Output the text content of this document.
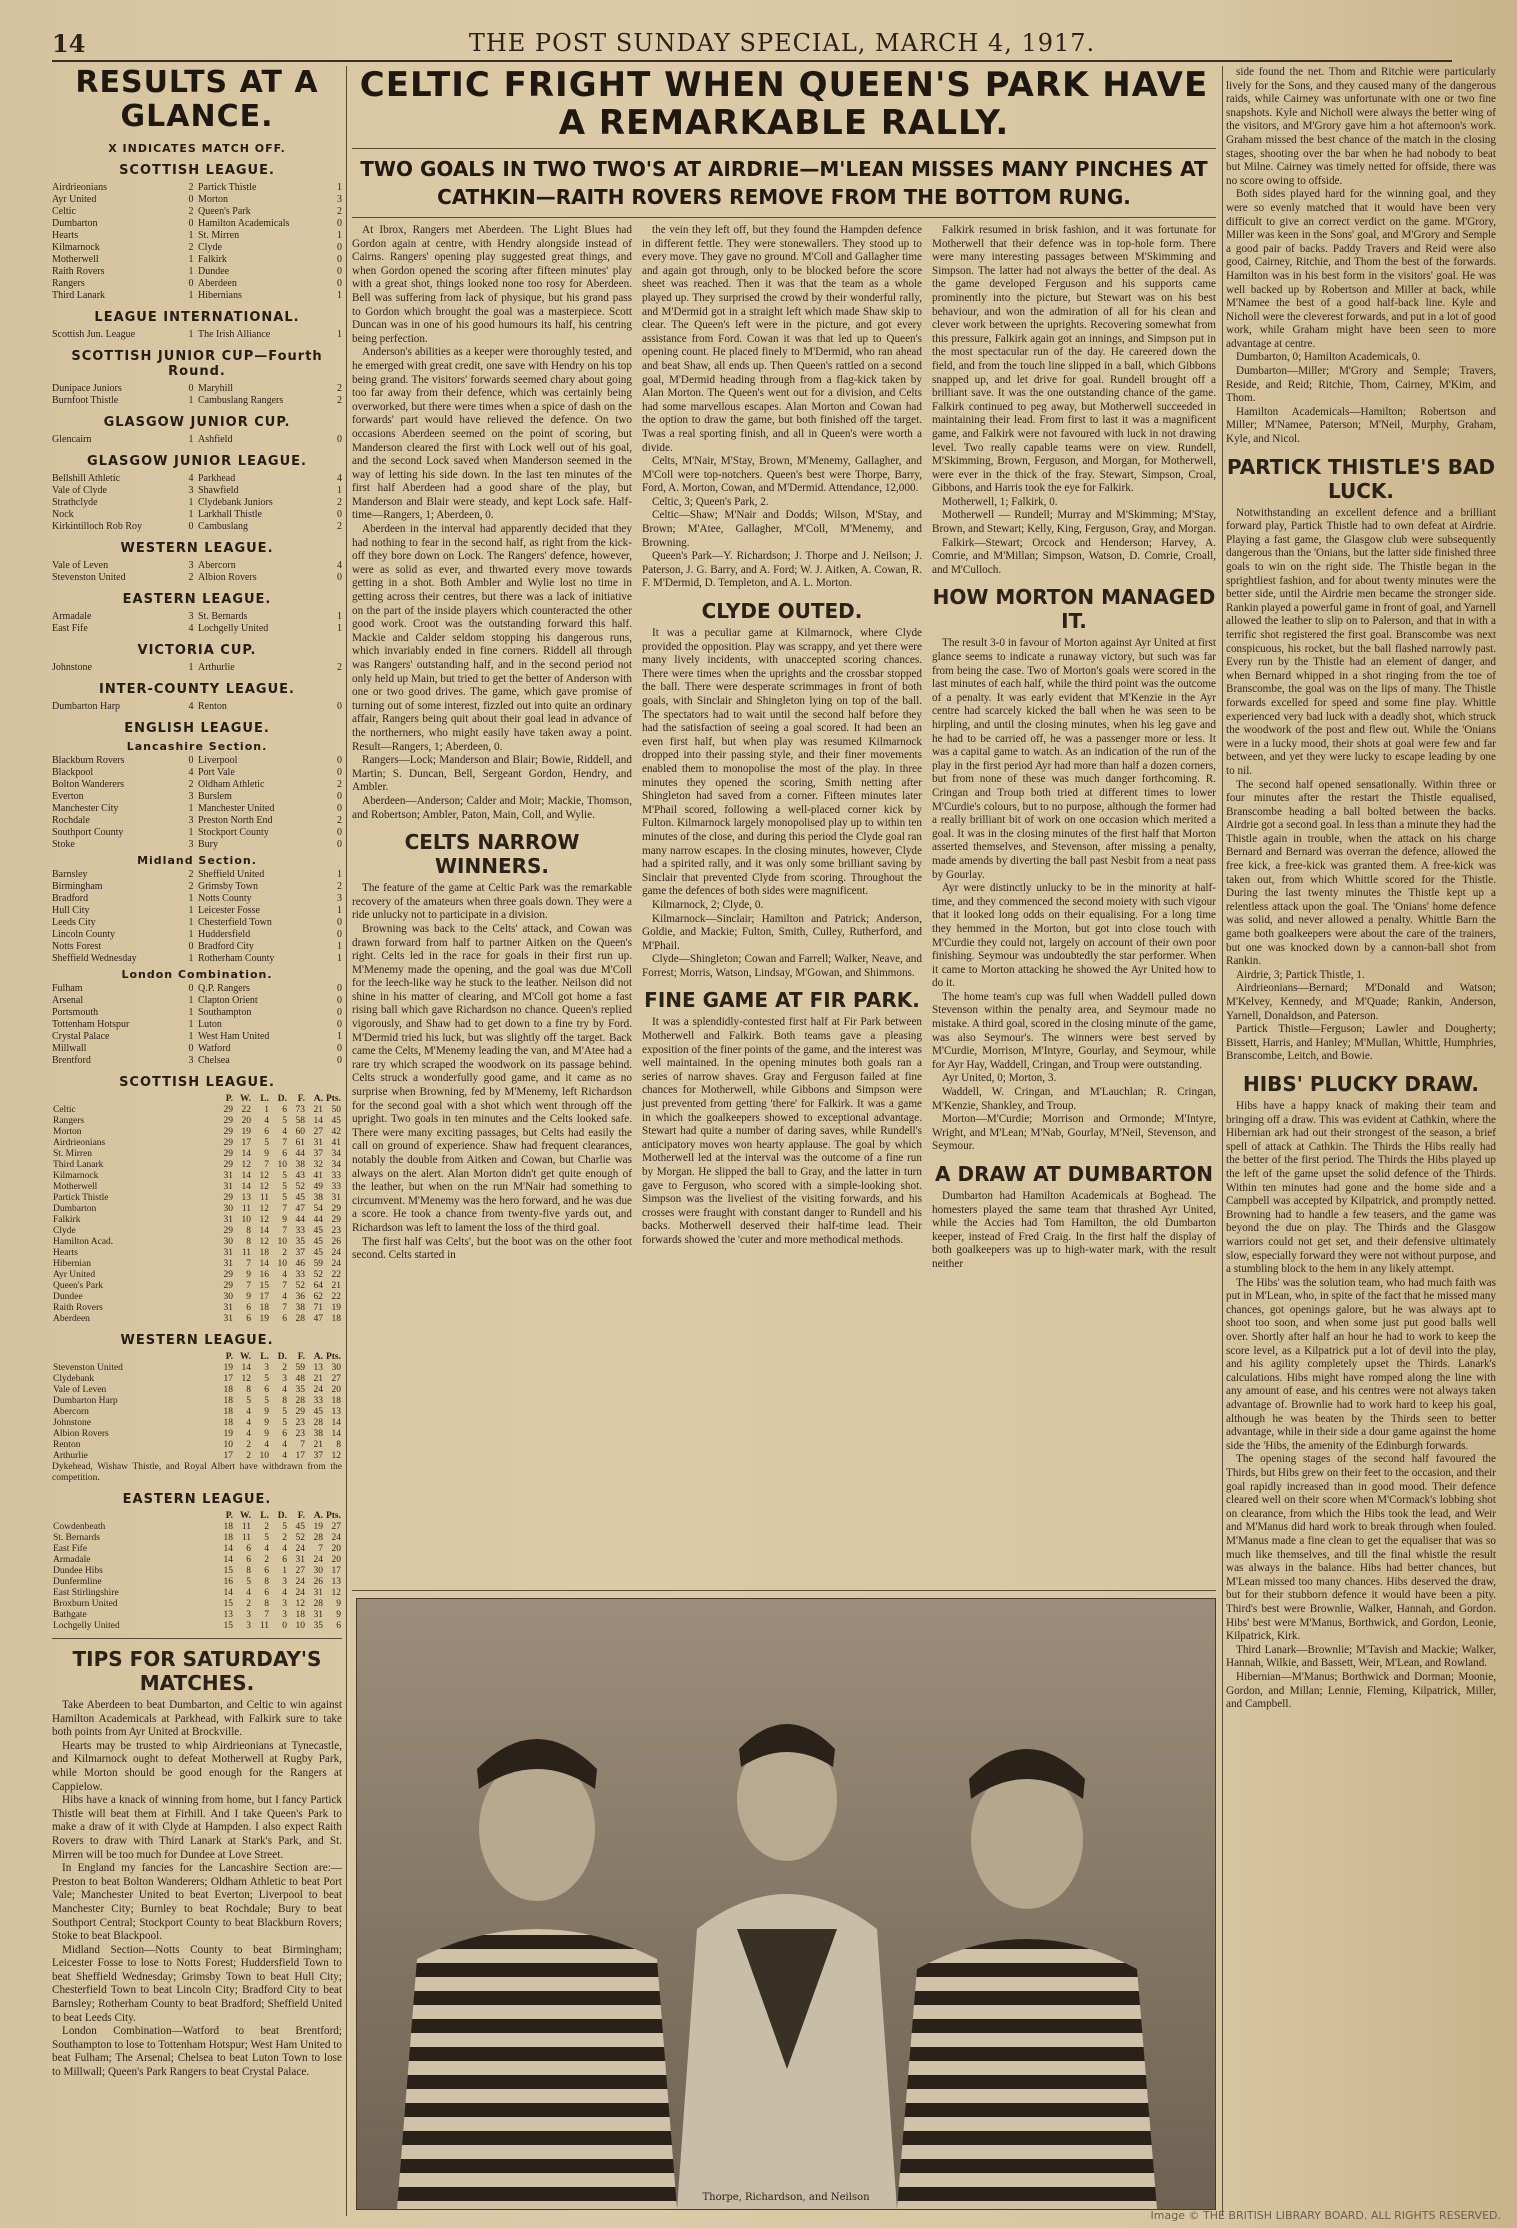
14	THE POST SUNDAY SPECIAL, MARCH 4, 1917.
RESULTS AT A GLANCE.
X INDICATES MATCH OFF.
SCOTTISH LEAGUE.
Airdrieonians	2 Partick Thistle	1
Ayr United	0 Morton	3
Celtic	2 Queen's Park	2
Dumbarton	0 Hamilton Academicals	0
Hearts	1 St. Mirren	1
Kilmarnock	2 Clyde	0
Motherwell	1 Falkirk	0
Raith Rovers	1 Dundee	0
Rangers	0 Aberdeen	0
Third Lanark	1 Hibernians	1
LEAGUE INTERNATIONAL.
Scottish Jun. League	1 The Irish Alliance	1
SCOTTISH JUNIOR CUP—Fourth Round.
Dunipace Juniors	0 Maryhill	2
Burnfoot Thistle	1 Cambuslang Rangers	2
GLASGOW JUNIOR CUP.
Glencairn	1 Ashfield	0
GLASGOW JUNIOR LEAGUE.
Bellshill Athletic	4 Parkhead	4
Vale of Clyde	3 Shawfield	1
Strathclyde	1 Clydebank Juniors	2
Nock	1 Larkhall Thistle	0
Kirkintilloch Rob Roy	0 Cambuslang	2
WESTERN LEAGUE.
Vale of Leven	3 Abercorn	4
Stevenston United	2 Albion Rovers	0
EASTERN LEAGUE.
Armadale	3 St. Bernards	1
East Fife	4 Lochgelly United	1
VICTORIA CUP.
Johnstone	1 Arthurlie	2
INTER-COUNTY LEAGUE.
Dumbarton Harp	4 Renton	0
ENGLISH LEAGUE.
Lancashire Section.
Blackburn Rovers	0 Liverpool	0
Blackpool	4 Port Vale	0
Bolton Wanderers	2 Oldham Athletic	2
Everton	3 Burslem	0
Manchester City	1 Manchester United	0
Rochdale	3 Preston North End	2
Southport County	1 Stockport County	0
Stoke	3 Bury	0
Midland Section.
Barnsley	2 Sheffield United	1
Birmingham	2 Grimsby Town	2
Bradford	1 Notts County	3
Hull City	1 Leicester Fosse	1
Leeds City	1 Chesterfield Town	0
Lincoln County	1 Huddersfield	0
Notts Forest	0 Bradford City	1
Sheffield Wednesday	1 Rotherham County	1
London Combination.
Fulham	0 Q.P. Rangers	0
Arsenal	1 Clapton Orient	0
Portsmouth	1 Southampton	0
Tottenham Hotspur	1 Luton	0
Crystal Palace	1 West Ham United	1
Millwall	0 Watford	0
Brentford	3 Chelsea	0
SCOTTISH LEAGUE.
	P.	W.	L.	D.	F.	A.	Pts.
Celtic	29	22	1	6	73	21	50
Rangers	29	20	4	5	58	14	45
Morton	29	19	6	4	60	27	42
Airdrieonians	29	17	5	7	61	31	41
St. Mirren	29	14	9	6	44	37	34
Third Lanark	29	12	7	10	38	32	34
Kilmarnock	31	14	12	5	43	41	33
Motherwell	31	14	12	5	52	49	33
Partick Thistle	29	13	11	5	45	38	31
Dumbarton	30	11	12	7	47	54	29
Falkirk	31	10	12	9	44	44	29
Clyde	29	8	14	7	33	45	23
Hamilton Acad.	30	8	12	10	35	45	26
Hearts	31	11	18	2	37	45	24
Hibernian	31	7	14	10	46	59	24
Ayr United	29	9	16	4	33	52	22
Queen's Park	29	7	15	7	52	64	21
Dundee	30	9	17	4	36	62	22
Raith Rovers	31	6	18	7	38	71	19
Aberdeen	31	6	19	6	28	47	18
WESTERN LEAGUE.
	P.	W.	L.	D.	F.	A.	Pts.
Stevenston United	19	14	3	2	59	13	30
Clydebank	17	12	5	3	48	21	27
Vale of Leven	18	8	6	4	35	24	20
Dumbarton Harp	18	5	5	8	28	33	18
Abercorn	18	4	9	5	29	45	13
Johnstone	18	4	9	5	23	28	14
Albion Rovers	19	4	9	6	23	38	14
Renton	10	2	4	4	7	21	8
Arthurlie	17	2	10	4	17	37	12
Dykehead, Wishaw Thistle, and Royal Albert have withdrawn from the competition.
EASTERN LEAGUE.
	P.	W.	L.	D.	F.	A.	Pts.
Cowdenbeath	18	11	2	5	45	19	27
St. Bernards	18	11	5	2	52	28	24
East Fife	14	6	4	4	24	7	20
Armadale	14	6	2	6	31	24	20
Dundee Hibs	15	8	6	1	27	30	17
Dunfermline	16	5	8	3	24	26	13
East Stirlingshire	14	4	6	4	24	31	12
Broxburn United	15	2	8	3	12	28	9
Bathgate	13	3	7	3	18	31	9
Lochgelly United	15	3	11	0	10	35	6
TIPS FOR SATURDAY'S MATCHES.

Take Aberdeen to beat Dumbarton, and Celtic to win against Hamilton Academicals at Parkhead, with Falkirk sure to take both points from Ayr United at Brockville.

Hearts may be trusted to whip Airdrieonians at Tynecastle, and Kilmarnock ought to defeat Motherwell at Rugby Park, while Morton should be good enough for the Rangers at Cappielow.

Hibs have a knack of winning from home, but I fancy Partick Thistle will beat them at Firhill. And I take Queen's Park to make a draw of it with Clyde at Hampden. I also expect Raith Rovers to draw with Third Lanark at Stark's Park, and St. Mirren will be too much for Dundee at Love Street.

In England my fancies for the Lancashire Section are:—Preston to beat Bolton Wanderers; Oldham Athletic to beat Port Vale; Manchester United to beat Everton; Liverpool to beat Manchester City; Burnley to beat Rochdale; Bury to beat Southport Central; Stockport County to beat Blackburn Rovers; Stoke to beat Blackpool.

Midland Section—Notts County to beat Birmingham; Leicester Fosse to lose to Notts Forest; Huddersfield Town to beat Sheffield Wednesday; Grimsby Town to beat Hull City; Chesterfield Town to beat Lincoln City; Bradford City to beat Barnsley; Rotherham County to beat Bradford; Sheffield United to beat Leeds City.

London Combination—Watford to beat Brentford; Southampton to lose to Tottenham Hotspur; West Ham United to beat Fulham; The Arsenal; Chelsea to beat Luton Town to lose to Millwall; Queen's Park Rangers to beat Crystal Palace.

CELTIC FRIGHT WHEN QUEEN'S PARK HAVE A REMARKABLE RALLY.
TWO GOALS IN TWO TWO'S AT AIRDRIE—M'LEAN MISSES MANY PINCHES AT CATHKIN—RAITH ROVERS REMOVE FROM THE BOTTOM RUNG.

At Ibrox, Rangers met Aberdeen. The Light Blues had Gordon again at centre, with Hendry alongside instead of Cairns. Rangers' opening play suggested great things, and when Gordon opened the scoring after fifteen minutes' play with a great shot, things looked none too rosy for Aberdeen. Bell was suffering from lack of physique, but his grand pass to Gordon which brought the goal was a masterpiece. Scott Duncan was in one of his good humours its half, his centring being perfection.

Anderson's abilities as a keeper were thoroughly tested, and he emerged with great credit, one save with Hendry on his top being grand. The visitors' forwards seemed chary about going too far away from their defence, which was certainly being overworked, but there were times when a spice of dash on the forwards' part would have relieved the defence. On two occasions Aberdeen seemed on the point of scoring, but Manderson cleared the first with Lock well out of his goal, and the second Lock saved when Manderson seemed in the way of letting his side down. In the last ten minutes of the first half Aberdeen had a good share of the play, but Manderson and Blair were steady, and kept Lock safe. Half-time—Rangers, 1; Aberdeen, 0.

Aberdeen in the interval had apparently decided that they had nothing to fear in the second half, as right from the kick-off they bore down on Lock. The Rangers' defence, however, were as solid as ever, and thwarted every move towards getting in a shot. Both Ambler and Wylie lost no time in getting across their centres, but there was a lack of initiative on the part of the inside players which counteracted the other good work. Croot was the outstanding forward this half. Mackie and Calder seldom stopping his dangerous runs, which invariably ended in fine corners. Riddell all through was Rangers' outstanding half, and in the second period not only held up Main, but tried to get the better of Anderson with one or two good drives. The game, which gave promise of turning out of some interest, fizzled out into quite an ordinary affair, Rangers being quit about their goal lead in advance of the northerners, who might easily have taken away a point. Result—Rangers, 1; Aberdeen, 0.

Rangers—Lock; Manderson and Blair; Bowie, Riddell, and Martin; S. Duncan, Bell, Sergeant Gordon, Hendry, and Ambler.

Aberdeen—Anderson; Calder and Moir; Mackie, Thomson, and Robertson; Ambler, Paton, Main, Coll, and Wylie.

CELTS NARROW WINNERS.

The feature of the game at Celtic Park was the remarkable recovery of the amateurs when three goals down. They were a ride unlucky not to participate in a division.

Browning was back to the Celts' attack, and Cowan was drawn forward from half to partner Aitken on the Queen's right. Celts led in the race for goals in their first run up. M'Menemy made the opening, and the goal was due M'Coll for the leech-like way he stuck to the leather. Neilson did not shine in his matter of clearing, and M'Coll got home a fast rising ball which gave Richardson no chance. Queen's replied vigorously, and Shaw had to get down to a fine try by Ford. M'Dermid tried his luck, but was slightly off the target. Back came the Celts, M'Menemy leading the van, and M'Atee had a rare try which scraped the woodwork on its passage behind. Celts struck a wonderfully good game, and it came as no surprise when Browning, fed by M'Menemy, left Richardson for the second goal with a shot which went through off the upright. Two goals in ten minutes and the Celts looked safe. There were many exciting passages, but Celts had easily the call on ground of experience. Shaw had frequent clearances, notably the double from Aitken and Cowan, but Charlie was always on the alert. Alan Morton didn't get quite enough of the leather, but when on the run M'Nair had something to circumvent. M'Menemy was the hero forward, and he was due a score. He took a chance from twenty-five yards out, and Richardson was left to lament the loss of the third goal.

The first half was Celts', but the boot was on the other foot second. Celts started in

the vein they left off, but they found the Hampden defence in different fettle. They were stonewallers. They stood up to every move. They gave no ground. M'Coll and Gallagher time and again got through, only to be blocked before the score sheet was reached. Then it was that the team as a whole played up. They surprised the crowd by their wonderful rally, and M'Dermid got in a straight left which made Shaw skip to clear. The Queen's left were in the picture, and got every assistance from Ford. Cowan it was that led up to Queen's opening count. He placed finely to M'Dermid, who ran ahead and beat Shaw, all ends up. Then Queen's rattled on a second goal, M'Dermid heading through from a flag-kick taken by Alan Morton. The Queen's went out for a division, and Celts had some marvellous escapes. Alan Morton and Cowan had the option to draw the game, but both finished off the target. Twas a real sporting finish, and all in Queen's were worth a divide.

Celts, M'Nair, M'Stay, Brown, M'Menemy, Gallagher, and M'Coll were top-notchers. Queen's best were Thorpe, Barry, Ford, A. Morton, Cowan, and M'Dermid. Attendance, 12,000.

Celtic, 3; Queen's Park, 2.

Celtic—Shaw; M'Nair and Dodds; Wilson, M'Stay, and Brown; M'Atee, Gallagher, M'Coll, M'Menemy, and Browning.

Queen's Park—Y. Richardson; J. Thorpe and J. Neilson; J. Paterson, J. G. Barry, and A. Ford; W. J. Aitken, A. Cowan, R. F. M'Dermid, D. Templeton, and A. L. Morton.

CLYDE OUTED.

It was a peculiar game at Kilmarnock, where Clyde provided the opposition. Play was scrappy, and yet there were many lively incidents, with unaccepted scoring chances. There were times when the uprights and the crossbar stopped the ball. There were desperate scrimmages in front of both goals, with Sinclair and Shingleton lying on top of the ball. The spectators had to wait until the second half before they had the satisfaction of seeing a goal scored. It had been an even first half, but when play was resumed Kilmarnock dropped into their passing style, and their finer movements enabled them to monopolise the most of the play. In three minutes they opened the scoring, Smith netting after Shingleton had saved from a corner. Fifteen minutes later M'Phail scored, following a well-placed corner kick by Fulton. Kilmarnock largely monopolised play up to within ten minutes of the close, and during this period the Clyde goal ran many narrow escapes. In the closing minutes, however, Clyde had a spirited rally, and it was only some brilliant saving by Sinclair that prevented Clyde from scoring. Throughout the game the defences of both sides were magnificent.

Kilmarnock, 2; Clyde, 0.

Kilmarnock—Sinclair; Hamilton and Patrick; Anderson, Goldie, and Mackie; Fulton, Smith, Culley, Rutherford, and M'Phail.

Clyde—Shingleton; Cowan and Farrell; Walker, Neave, and Forrest; Morris, Watson, Lindsay, M'Gowan, and Shimmons.

FINE GAME AT FIR PARK.

It was a splendidly-contested first half at Fir Park between Motherwell and Falkirk. Both teams gave a pleasing exposition of the finer points of the game, and the interest was well maintained. In the opening minutes both goals ran a series of narrow shaves. Gray and Ferguson failed at fine chances for Motherwell, while Gibbons and Simpson were just prevented from getting 'there' for Falkirk. It was a game in which the goalkeepers showed to exceptional advantage. Stewart had quite a number of daring saves, while Rundell's anticipatory moves won hearty applause. The goal by which Motherwell led at the interval was the outcome of a fine run by Morgan. He slipped the ball to Gray, and the latter in turn gave to Ferguson, who scored with a simple-looking shot. Simpson was the liveliest of the visiting forwards, and his crosses were fraught with constant danger to Rundell and his backs. Motherwell deserved their half-time lead. Their forwards showed the 'cuter and more methodical methods.

Falkirk resumed in brisk fashion, and it was fortunate for Motherwell that their defence was in top-hole form. There were many interesting passages between M'Skimming and Simpson. The latter had not always the better of the deal. As the game developed Ferguson and his supports came prominently into the picture, but Stewart was on his best behaviour, and won the admiration of all for his clean and clever work between the uprights. Recovering somewhat from this pressure, Falkirk again got an innings, and Simpson put in the most spectacular run of the day. He careered down the field, and from the touch line slipped in a ball, which Gibbons snapped up, and let drive for goal. Rundell brought off a brilliant save. It was the one outstanding chance of the game. Falkirk continued to peg away, but Motherwell succeeded in maintaining their lead. From first to last it was a magnificent game, and Falkirk were not favoured with luck in not drawing level. Two really capable teams were on view. Rundell, M'Skimming, Brown, Ferguson, and Morgan, for Motherwell, were ever in the thick of the fray. Stewart, Simpson, Croal, Gibbons, and Harris took the eye for Falkirk.

Motherwell, 1; Falkirk, 0.

Motherwell — Rundell; Murray and M'Skimming; M'Stay, Brown, and Stewart; Kelly, King, Ferguson, Gray, and Morgan.

Falkirk—Stewart; Orcock and Henderson; Harvey, A. Comrie, and M'Millan; Simpson, Watson, D. Comrie, Croall, and M'Culloch.

HOW MORTON MANAGED IT.

The result 3-0 in favour of Morton against Ayr United at first glance seems to indicate a runaway victory, but such was far from being the case. Two of Morton's goals were scored in the last minutes of each half, while the third point was the outcome of a penalty. It was early evident that M'Kenzie in the Ayr centre had scarcely kicked the ball when he was seen to be hirpling, and until the closing minutes, when his leg gave and he had to be carried off, he was a passenger more or less. It was a capital game to watch. As an indication of the run of the play in the first period Ayr had more than half a dozen corners, but from none of these was much danger forthcoming. R. Cringan and Troup both tried at different times to lower M'Curdie's colours, but to no purpose, although the former had a really brilliant bit of work on one occasion which merited a goal. It was in the closing minutes of the first half that Morton asserted themselves, and Stevenson, after missing a penalty, made amends by diverting the ball past Nesbit from a neat pass by Gourlay.

Ayr were distinctly unlucky to be in the minority at half-time, and they commenced the second moiety with such vigour that it looked long odds on their equalising. For a long time they hemmed in the Morton, but got into close touch with M'Curdie they could not, largely on account of their own poor finishing. Seymour was undoubtedly the star performer. When it came to Morton attacking he showed the Ayr United how to do it.

The home team's cup was full when Waddell pulled down Stevenson within the penalty area, and Seymour made no mistake. A third goal, scored in the closing minute of the game, was also Seymour's. The winners were best served by M'Curdie, Morrison, M'Intyre, Gourlay, and Seymour, while for Ayr Hay, Waddell, Cringan, and Troup were outstanding.

Ayr United, 0; Morton, 3.

Waddell, W. Cringan, and M'Lauchlan; R. Cringan, M'Kenzie, Shankley, and Troup.

Morton—M'Curdie; Morrison and Ormonde; M'Intyre, Wright, and M'Lean; M'Nab, Gourlay, M'Neil, Stevenson, and Seymour.

A DRAW AT DUMBARTON

Dumbarton had Hamilton Academicals at Boghead. The homesters played the same team that thrashed Ayr United, while the Accies had Tom Hamilton, the old Dumbarton keeper, instead of Fred Craig. In the first half the display of both goalkeepers was up to high-water mark, with the result neither

Thorpe, Richardson, and Neilson

side found the net. Thom and Ritchie were particularly lively for the Sons, and they caused many of the dangerous raids, while Cairney was unfortunate with one or two fine snapshots. Kyle and Nicholl were always the better wing of the visitors, and M'Grory gave him a hot afternoon's work. Graham missed the best chance of the match in the closing stages, shooting over the bar when he had nobody to beat but Milne. Cairney was timely netted for offside, there was no score owing to offside.

Both sides played hard for the winning goal, and they were so evenly matched that it would have been very difficult to give an correct verdict on the game. M'Grory, Miller was keen in the Sons' goal, and M'Grory and Semple a good pair of backs. Paddy Travers and Reid were also good, Cairney, Ritchie, and Thom the best of the forwards. Hamilton was in his best form in the visitors' goal. He was well backed up by Robertson and Miller at back, while M'Namee the best of a good half-back line. Kyle and Nicholl were the cleverest forwards, and put in a lot of good work, while Graham might have been seen to more advantage at centre.

Dumbarton, 0; Hamilton Academicals, 0.

Dumbarton—Miller; M'Grory and Semple; Travers, Reside, and Reid; Ritchie, Thom, Cairney, M'Kim, and Thom.

Hamilton Academicals—Hamilton; Robertson and Miller; M'Namee, Paterson; M'Neil, Murphy, Graham, Kyle, and Nicol.

PARTICK THISTLE'S BAD LUCK.

Notwithstanding an excellent defence and a brilliant forward play, Partick Thistle had to own defeat at Airdrie. Playing a fast game, the Glasgow club were subsequently dangerous than the 'Onians, but the latter side finished three goals to win on the right side. The Thistle began in the sprightliest fashion, and for about twenty minutes were the better side, until the Airdrie men became the stronger side. Rankin played a powerful game in front of goal, and Yarnell allowed the leather to slip on to Palerson, and that in with a terrific shot registered the first goal. Branscombe was next conspicuous, his rocket, but the ball flashed narrowly past. Every run by the Thistle had an element of danger, and when Bernard whipped in a shot ringing from the toe of Branscombe, the goal was on the lips of many. The Thistle forwards excelled for speed and some fine play. Whittle experienced very bad luck with a deadly shot, which struck the woodwork of the post and flew out. While the 'Onians were in a lucky mood, their shots at goal were few and far between, and yet they were lucky to escape leading by one to nil.

The second half opened sensationally. Within three or four minutes after the restart the Thistle equalised, Branscombe heading a ball bolted between the backs. Airdrie got a second goal. In less than a minute they had the Thistle again in trouble, when the attack on his charge Bernard and Bernard was overran the defence, allowed the free kick, a free-kick was granted them. A free-kick was taken out, from which Whittle scored for the Thistle. During the last twenty minutes the Thistle kept up a relentless attack upon the goal. The 'Onians' home defence was solid, and never allowed a penalty. Whittle Barn the game both goalkeepers were about the care of the trainers, but one was knocked down by a cannon-ball shot from Rankin.

Airdrie, 3; Partick Thistle, 1.

Airdrieonians—Bernard; M'Donald and Watson; M'Kelvey, Kennedy, and M'Quade; Rankin, Anderson, Yarnell, Donaldson, and Paterson.

Partick Thistle—Ferguson; Lawler and Dougherty; Bissett, Harris, and Hanley; M'Mullan, Whittle, Humphries, Branscombe, Leitch, and Bowie.

HIBS' PLUCKY DRAW.

Hibs have a happy knack of making their team and bringing off a draw. This was evident at Cathkin, where the Hibernian ark had out their strongest of the season, a brief spell of attack at Cathkin. The Thirds the Hibs really had the better of the first period. The Thirds the Hibs played up the left of the game upset the solid defence of the Thirds. Within ten minutes had gone and the home side and a Campbell was accepted by Kilpatrick, and promptly netted. Browning had to handle a few teasers, and the game was beyond the due on play. The Thirds and the Glasgow warriors could not get set, and their defensive ultimately slow, especially forward they were not without purpose, and a stumbling block to the hem in any likely attempt.

The Hibs' was the solution team, who had much faith was put in M'Lean, who, in spite of the fact that he missed many chances, got openings galore, but he was always apt to shoot too soon, and when some just put good balls well over. Shortly after half an hour he had to work to keep the score level, as a Kilpatrick put a lot of devil into the play, and his agility completely upset the Thirds. Lanark's calculations. Hibs might have romped along the line with any amount of ease, and his centres were not always taken advantage of. Brownlie had to work hard to keep his goal, although he was beaten by the Thirds seen to better advantage, while in their side a dour game against the home side the 'Hibs, the amenity of the Edinburgh forwards.

The opening stages of the second half favoured the Thirds, but Hibs grew on their feet to the occasion, and their goal rapidly increased than in good mood. Their defence cleared well on their score when M'Cormack's lobbing shot on clearance, from which the Hibs took the lead, and Weir and M'Manus did hard work to break through when fouled. M'Manus made a fine clean to get the equaliser that was so much like themselves, and till the final whistle the result was always in the balance. Hibs had better chances, but M'Lean missed too many chances. Hibs deserved the draw, but for their stubborn defence it would have been a pity. Third's best were Brownlie, Walker, Hannah, and Gordon. Hibs' best were M'Manus, Borthwick, and Gordon, Leonie, Kilpatrick, Kirk.

Third Lanark—Brownlie; M'Tavish and Mackie; Walker, Hannah, Wilkie, and Bassett, Weir, M'Lean, and Rowland.

Hibernian—M'Manus; Borthwick and Dorman; Moonie, Gordon, and Millan; Lennie, Fleming, Kilpatrick, Miller, and Campbell.

Image © THE BRITISH LIBRARY BOARD. ALL RIGHTS RESERVED.
